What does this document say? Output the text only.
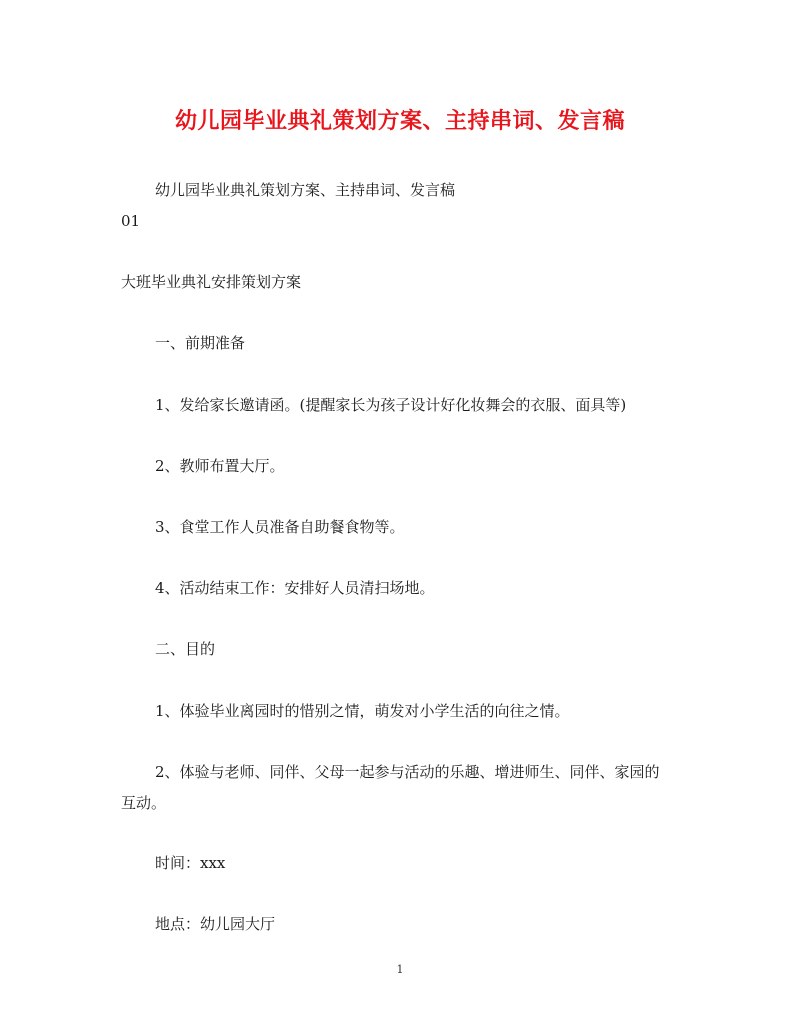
幼儿园毕业典礼策划方案、主持串词、发言稿
幼儿园毕业典礼策划方案、主持串词、发言稿
01
大班毕业典礼安排策划方案
一、前期准备
1、发给家长邀请函。(提醒家长为孩子设计好化妆舞会的衣服、面具等)
2、教师布置大厅。
3、食堂工作人员准备自助餐食物等。
4、活动结束工作：安排好人员清扫场地。
二、目的
1、体验毕业离园时的惜别之情，萌发对小学生活的向往之情。
2、体验与老师、同伴、父母一起参与活动的乐趣、增进师生、同伴、家园的
互动。
时间：xxx
地点：幼儿园大厅
1
